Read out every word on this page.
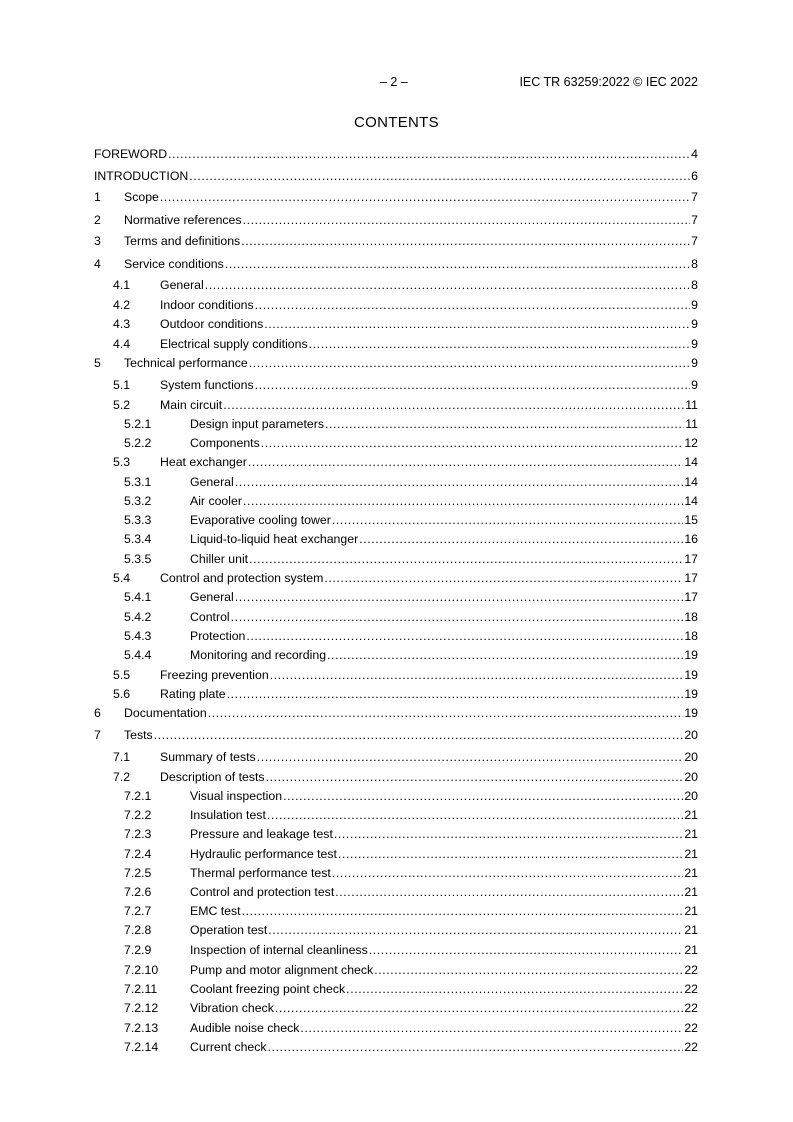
– 2 –	IEC TR 63259:2022 © IEC 2022
CONTENTS
FOREWORD .....	4
INTRODUCTION .....	6
1 Scope .....	7
2 Normative references .....	7
3 Terms and definitions .....	7
4 Service conditions .....	8
4.1 General .....	8
4.2 Indoor conditions .....	9
4.3 Outdoor conditions .....	9
4.4 Electrical supply conditions .....	9
5 Technical performance .....	9
5.1 System functions .....	9
5.2 Main circuit .....	11
5.2.1	Design input parameters .....	11
5.2.2	Components .....	12
5.3 Heat exchanger .....	14
5.3.1	General .....	14
5.3.2	Air cooler .....	14
5.3.3	Evaporative cooling tower .....	15
5.3.4	Liquid-to-liquid heat exchanger .....	16
5.3.5	Chiller unit .....	17
5.4 Control and protection system .....	17
5.4.1	General .....	17
5.4.2	Control .....	18
5.4.3	Protection .....	18
5.4.4	Monitoring and recording .....	19
5.5 Freezing prevention .....	19
5.6 Rating plate .....	19
6 Documentation .....	19
7 Tests .....	20
7.1 Summary of tests .....	20
7.2 Description of tests .....	20
7.2.1	Visual inspection .....	20
7.2.2	Insulation test .....	21
7.2.3	Pressure and leakage test .....	21
7.2.4	Hydraulic performance test .....	21
7.2.5	Thermal performance test .....	21
7.2.6	Control and protection test .....	21
7.2.7	EMC test .....	21
7.2.8	Operation test .....	21
7.2.9	Inspection of internal cleanliness .....	21
7.2.10	Pump and motor alignment check .....	22
7.2.11	Coolant freezing point check .....	22
7.2.12	Vibration check .....	22
7.2.13	Audible noise check .....	22
7.2.14	Current check .....	22
